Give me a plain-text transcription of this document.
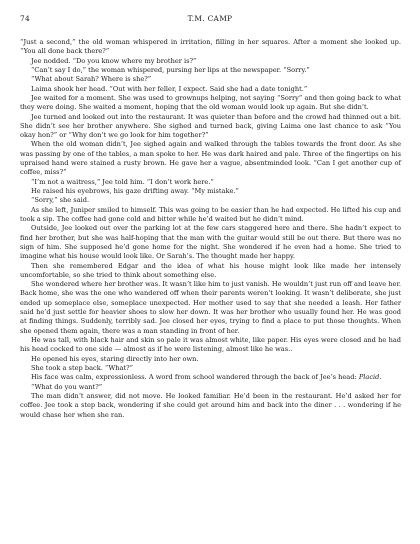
74	T.M. CAMP

“Just a second,” the old woman whispered in irritation, filling in her squares. After a moment she looked up. “You all done back there?”

Jee nodded. “Do you know where my brother is?”

“Can’t say I do,” the woman whispered, pursing her lips at the newspaper. “Sorry.”

“What about Sarah? Where is she?”

Laima shook her head. “Out with her feller, I expect. Said she had a date tonight.”

Jee waited for a moment. She was used to grownups helping, not saying “Sorry” and then going back to what they were doing. She waited a moment, hoping that the old woman would look up again. But she didn’t.

Jee turned and looked out into the restaurant. It was quieter than before and the crowd had thinned out a bit. She didn’t see her brother anywhere. She sighed and turned back, giving Laima one last chance to ask “You okay hon?” or “Why don’t we go look for him together?”

When the old woman didn’t, Jee sighed again and walked through the tables towards the front door. As she was passing by one of the tables, a man spoke to her. He was dark haired and pale. Three of the fingertips on his upraised hand were stained a rusty brown. He gave her a vague, absentminded look. “Can I get another cup of coffee, miss?”

“I’m not a waitress,” Jee told him. “I don’t work here.”

He raised his eyebrows, his gaze drifting away. “My mistake.”

“Sorry,” she said.

As she left, Juniper smiled to himself. This was going to be easier than he had expected. He lifted his cup and took a sip. The coffee had gone cold and bitter while he’d waited but he didn’t mind.

Outside, Jee looked out over the parking lot at the few cars staggered here and there. She hadn’t expect to find her brother, but she was half-hoping that the man with the guitar would still be out there. But there was no sign of him. She supposed he’d gone home for the night. She wondered if he even had a home. She tried to imagine what his house would look like. Or Sarah’s. The thought made her happy.

Then she remembered Edgar and the idea of what his house might look like made her intensely uncomfortable, so she tried to think about something else.

She wondered where her brother was. It wasn’t like him to just vanish. He wouldn’t just run off and leave her. Back home, she was the one who wandered off when their parents weren’t looking. It wasn’t deliberate, she just ended up someplace else, someplace unexpected. Her mother used to say that she needed a leash. Her father said he’d just settle for heavier shoes to slow her down. It was her brother who usually found her. He was good at finding things. Suddenly, terribly sad. Jee closed her eyes, trying to find a place to put those thoughts. When she opened them again, there was a man standing in front of her.

He was tall, with black hair and skin so pale it was almost white, like paper. His eyes were closed and he had his head cocked to one side — almost as if he were listening, almost like he was..

He opened his eyes, staring directly into her own.

She took a step back. “What?”

His face was calm, expressionless. A word from school wandered through the back of Jee’s head: Placid.

“What do you want?”

The man didn’t answer, did not move. He looked familiar. He’d been in the restaurant. He’d asked her for coffee. Jee took a step back, wondering if she could get around him and back into the diner . . . wondering if he would chase her when she ran.
